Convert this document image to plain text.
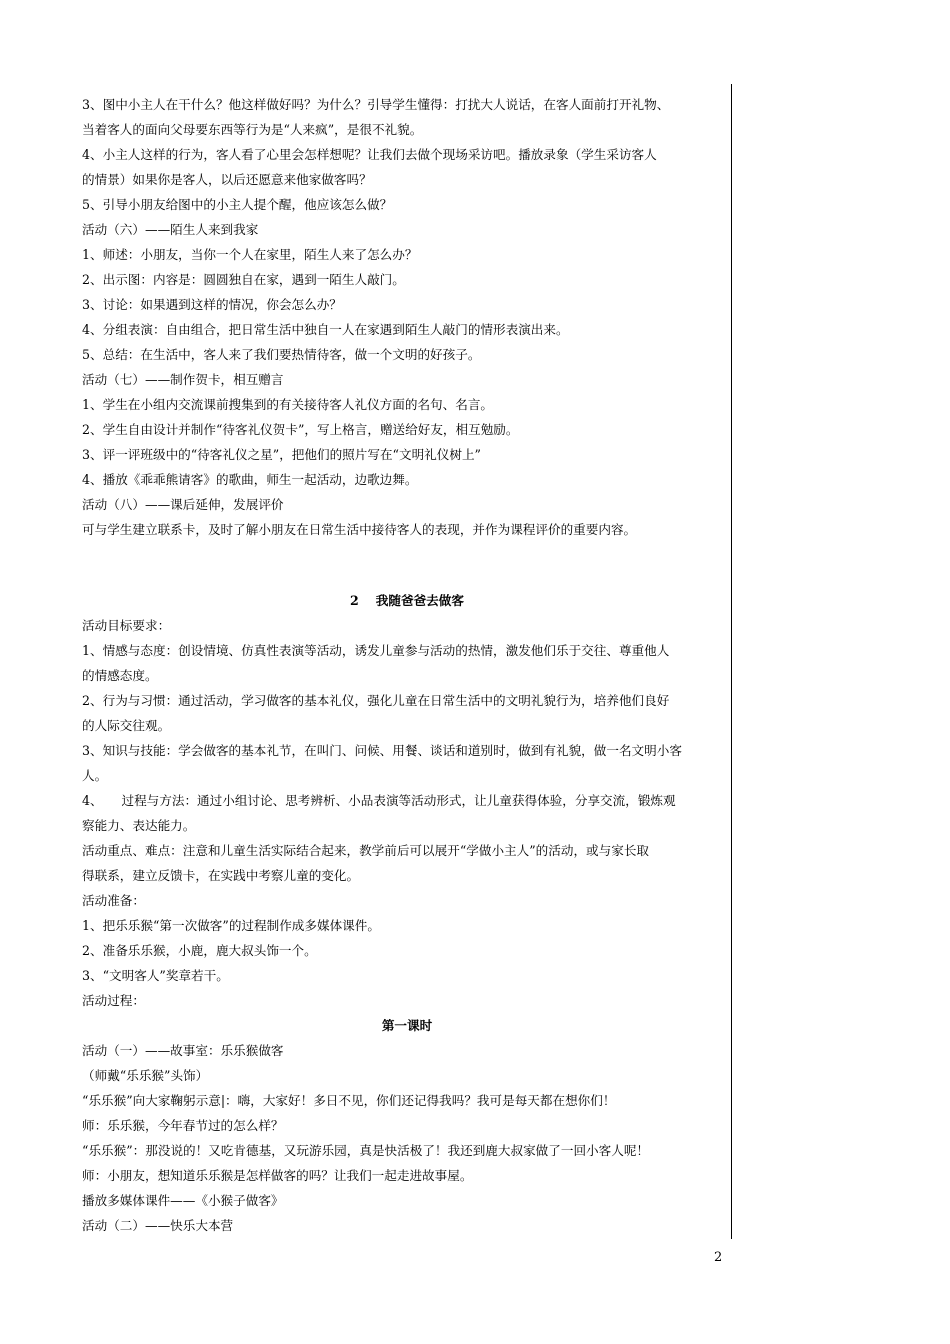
3、图中小主人在干什么？他这样做好吗？为什么？引导学生懂得：打扰大人说话，在客人面前打开礼物、

当着客人的面向父母要东西等行为是“人来疯”，是很不礼貌。

4、小主人这样的行为，客人看了心里会怎样想呢？让我们去做个现场采访吧。播放录象（学生采访客人

的情景）如果你是客人，以后还愿意来他家做客吗？

5、引导小朋友给图中的小主人提个醒，他应该怎么做？

活动（六）——陌生人来到我家

1、师述：小朋友，当你一个人在家里，陌生人来了怎么办？

2、出示图：内容是：圆圆独自在家，遇到一陌生人敲门。

3、讨论：如果遇到这样的情况，你会怎么办？

4、分组表演：自由组合，把日常生活中独自一人在家遇到陌生人敲门的情形表演出来。

5、总结：在生活中，客人来了我们要热情待客，做一个文明的好孩子。

活动（七）——制作贺卡，相互赠言

1、学生在小组内交流课前搜集到的有关接待客人礼仪方面的名句、名言。

2、学生自由设计并制作“待客礼仪贺卡”，写上格言，赠送给好友，相互勉励。

3、评一评班级中的“待客礼仪之星”，把他们的照片写在“文明礼仪树上”

4、播放《乖乖熊请客》的歌曲，师生一起活动，边歌边舞。

活动（八）——课后延伸，发展评价

可与学生建立联系卡，及时了解小朋友在日常生活中接待客人的表现，并作为课程评价的重要内容。

2　 我随爸爸去做客

活动目标要求：

1、情感与态度：创设情境、仿真性表演等活动，诱发儿童参与活动的热情，激发他们乐于交往、尊重他人

的情感态度。

2、行为与习惯：通过活动，学习做客的基本礼仪，强化儿童在日常生活中的文明礼貌行为，培养他们良好

的人际交往观。

3、知识与技能：学会做客的基本礼节，在叫门、问候、用餐、谈话和道别时，做到有礼貌，做一名文明小客

人。

4、　　过程与方法：通过小组讨论、思考辨析、小品表演等活动形式，让儿童获得体验，分享交流，锻炼观

察能力、表达能力。

活动重点、难点：注意和儿童生活实际结合起来，教学前后可以展开“学做小主人”的活动，或与家长取

得联系，建立反馈卡，在实践中考察儿童的变化。

活动准备：

1、把乐乐猴“第一次做客”的过程制作成多媒体课件。

2、准备乐乐猴，小鹿，鹿大叔头饰一个。

3、“文明客人”奖章若干。

活动过程：

第一课时

活动（一）——故事室：乐乐猴做客

（师戴“乐乐猴”头饰）

“乐乐猴”向大家鞠躬示意|：嗨，大家好！多日不见，你们还记得我吗？我可是每天都在想你们！

师：乐乐猴，今年春节过的怎么样？

“乐乐猴”：那没说的！又吃肯德基，又玩游乐园，真是快活极了！我还到鹿大叔家做了一回小客人呢！

师：小朋友，想知道乐乐猴是怎样做客的吗？让我们一起走进故事屋。

播放多媒体课件——《小猴子做客》

活动（二）——快乐大本营

2
